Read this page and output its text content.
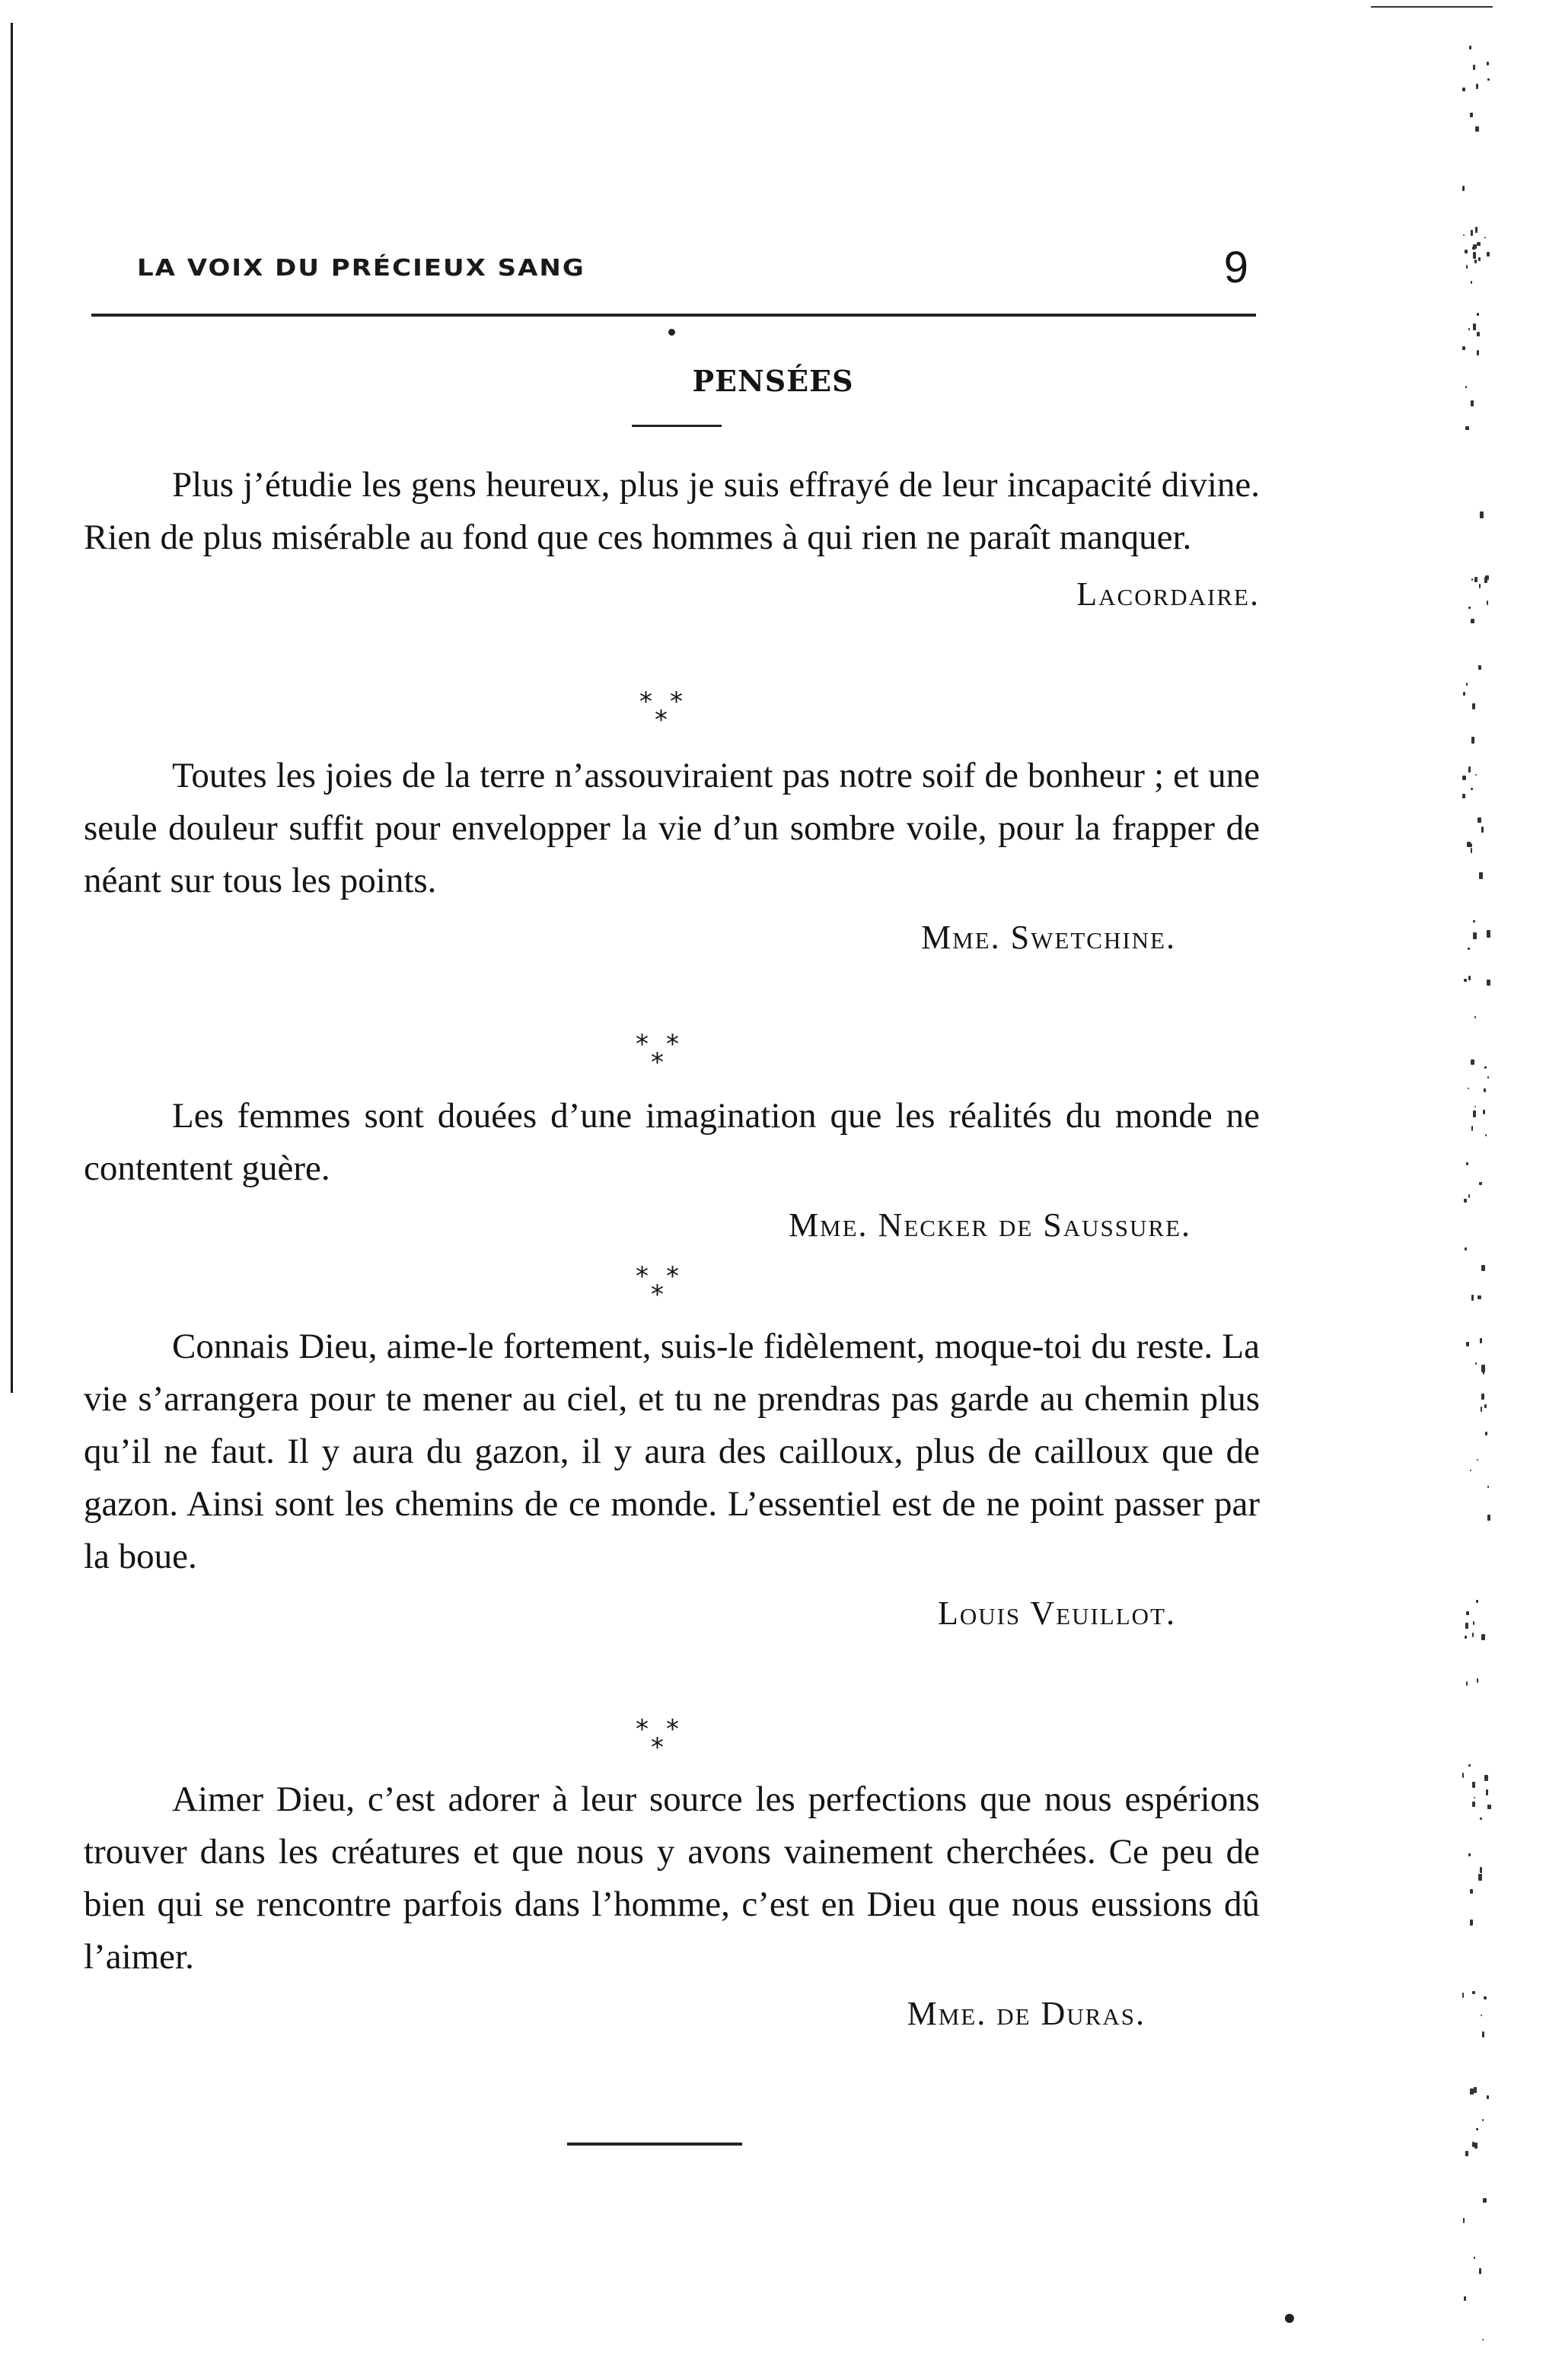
LA VOIX DU PRÉCIEUX SANG	9
PENSÉES

Plus j’étudie les gens heureux, plus je suis effrayé de leur incapacité divine. Rien de plus misérable au fond que ces hommes à qui rien ne paraît manquer.

Lacordaire.

* *
*

Toutes les joies de la terre n’assouviraient pas notre soif de bonheur ; et une seule douleur suffit pour envelopper la vie d’un sombre voile, pour la frapper de néant sur tous les points.

Mme. Swetchine.

* *
*

Les femmes sont douées d’une imagination que les réalités du monde ne contentent guère.

Mme. Necker de Saussure.

* *
*

Connais Dieu, aime-le fortement, suis-le fidèlement, moque-toi du reste. La vie s’arrangera pour te mener au ciel, et tu ne prendras pas garde au chemin plus qu’il ne faut. Il y aura du gazon, il y aura des cailloux, plus de cailloux que de gazon. Ainsi sont les chemins de ce monde. L’essentiel est de ne point passer par la boue.

Louis Veuillot.

* *
*

Aimer Dieu, c’est adorer à leur source les perfections que nous espérions trouver dans les créatures et que nous y avons vainement cherchées. Ce peu de bien qui se rencontre parfois dans l’homme, c’est en Dieu que nous eussions dû l’aimer.

Mme. de Duras.
